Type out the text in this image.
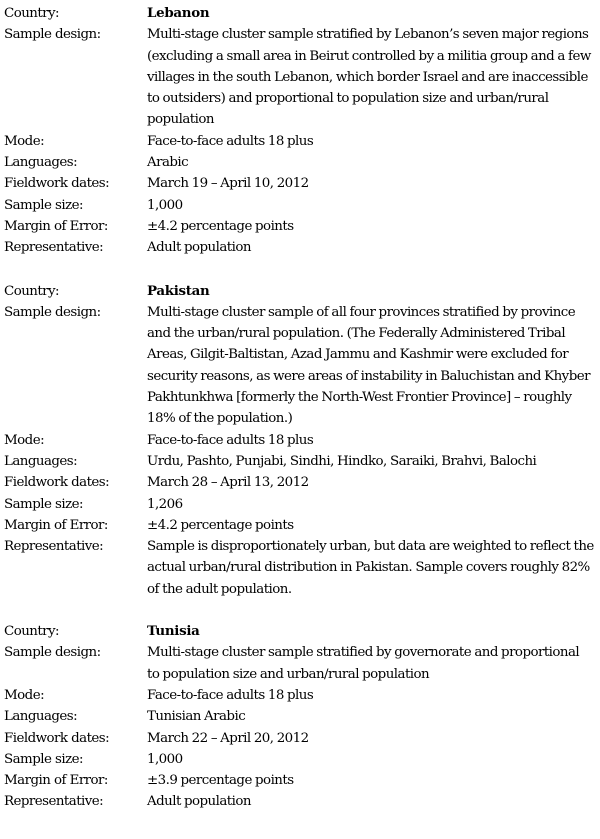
Country:	Lebanon
Sample design:	Multi-stage cluster sample stratified by Lebanon’s seven major regions (excluding a small area in Beirut controlled by a militia group and a few villages in the south Lebanon, which border Israel and are inaccessible to outsiders) and proportional to population size and urban/rural population
Mode:	Face-to-face adults 18 plus
Languages:	Arabic
Fieldwork dates:	March 19 – April 10, 2012
Sample size:	1,000
Margin of Error:	±4.2 percentage points
Representative:	Adult population
Country:	Pakistan
Sample design:	Multi-stage cluster sample of all four provinces stratified by province and the urban/rural population. (The Federally Administered Tribal Areas, Gilgit-Baltistan, Azad Jammu and Kashmir were excluded for security reasons, as were areas of instability in Baluchistan and Khyber Pakhtunkhwa [formerly the North-West Frontier Province] – roughly 18% of the population.)
Mode:	Face-to-face adults 18 plus
Languages:	Urdu, Pashto, Punjabi, Sindhi, Hindko, Saraiki, Brahvi, Balochi
Fieldwork dates:	March 28 – April 13, 2012
Sample size:	1,206
Margin of Error:	±4.2 percentage points
Representative:	Sample is disproportionately urban, but data are weighted to reflect the actual urban/rural distribution in Pakistan. Sample covers roughly 82% of the adult population.
Country:	Tunisia
Sample design:	Multi-stage cluster sample stratified by governorate and proportional to population size and urban/rural population
Mode:	Face-to-face adults 18 plus
Languages:	Tunisian Arabic
Fieldwork dates:	March 22 – April 20, 2012
Sample size:	1,000
Margin of Error:	±3.9 percentage points
Representative:	Adult population
